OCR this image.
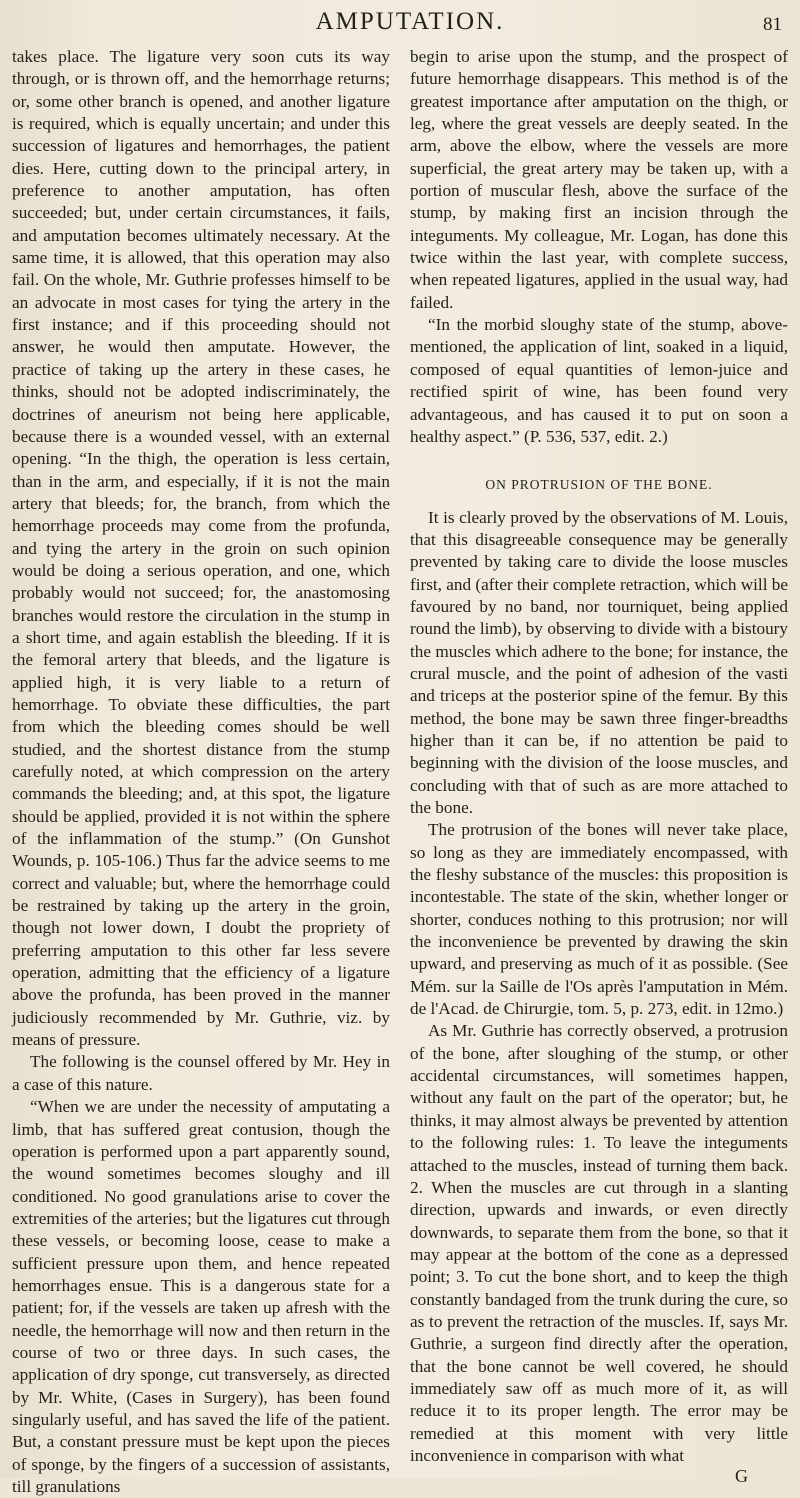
AMPUTATION.	81

takes place. The ligature very soon cuts its way through, or is thrown off, and the hemorrhage returns; or, some other branch is opened, and another ligature is required, which is equally uncertain; and under this succession of ligatures and hemorrhages, the patient dies. Here, cutting down to the principal artery, in preference to another amputation, has often succeeded; but, under certain circumstances, it fails, and amputation becomes ultimately necessary. At the same time, it is allowed, that this operation may also fail. On the whole, Mr. Guthrie professes himself to be an advocate in most cases for tying the artery in the first instance; and if this proceeding should not answer, he would then amputate. However, the practice of taking up the artery in these cases, he thinks, should not be adopted indiscriminately, the doctrines of aneurism not being here applicable, because there is a wounded vessel, with an external opening. “In the thigh, the operation is less certain, than in the arm, and especially, if it is not the main artery that bleeds; for, the branch, from which the hemorrhage proceeds may come from the profunda, and tying the artery in the groin on such opinion would be doing a serious operation, and one, which probably would not succeed; for, the anastomosing branches would restore the circulation in the stump in a short time, and again establish the bleeding. If it is the femoral artery that bleeds, and the ligature is applied high, it is very liable to a return of hemorrhage. To obviate these difficulties, the part from which the bleeding comes should be well studied, and the shortest distance from the stump carefully noted, at which compression on the artery commands the bleeding; and, at this spot, the ligature should be applied, provided it is not within the sphere of the inflammation of the stump.” (On Gunshot Wounds, p. 105-106.) Thus far the advice seems to me correct and valuable; but, where the hemorrhage could be restrained by taking up the artery in the groin, though not lower down, I doubt the propriety of preferring amputation to this other far less severe operation, admitting that the efficiency of a ligature above the profunda, has been proved in the manner judiciously recommended by Mr. Guthrie, viz. by means of pressure.

The following is the counsel offered by Mr. Hey in a case of this nature.

“When we are under the necessity of amputating a limb, that has suffered great contusion, though the operation is performed upon a part apparently sound, the wound sometimes becomes sloughy and ill conditioned. No good granulations arise to cover the extremities of the arteries; but the ligatures cut through these vessels, or becoming loose, cease to make a sufficient pressure upon them, and hence repeated hemorrhages ensue. This is a dangerous state for a patient; for, if the vessels are taken up afresh with the needle, the hemorrhage will now and then return in the course of two or three days. In such cases, the application of dry sponge, cut transversely, as directed by Mr. White, (Cases in Surgery), has been found singularly useful, and has saved the life of the patient. But, a constant pressure must be kept upon the pieces of sponge, by the fingers of a succession of assistants, till granulations

begin to arise upon the stump, and the prospect of future hemorrhage disappears. This method is of the greatest importance after amputation on the thigh, or leg, where the great vessels are deeply seated. In the arm, above the elbow, where the vessels are more superficial, the great artery may be taken up, with a portion of muscular flesh, above the surface of the stump, by making first an incision through the integuments. My colleague, Mr. Logan, has done this twice within the last year, with complete success, when repeated ligatures, applied in the usual way, had failed.

“In the morbid sloughy state of the stump, above-mentioned, the application of lint, soaked in a liquid, composed of equal quantities of lemon-juice and rectified spirit of wine, has been found very advantageous, and has caused it to put on soon a healthy aspect.” (P. 536, 537, edit. 2.)

ON PROTRUSION OF THE BONE.

It is clearly proved by the observations of M. Louis, that this disagreeable consequence may be generally prevented by taking care to divide the loose muscles first, and (after their complete retraction, which will be favoured by no band, nor tourniquet, being applied round the limb), by observing to divide with a bistoury the muscles which adhere to the bone; for instance, the crural muscle, and the point of adhesion of the vasti and triceps at the posterior spine of the femur. By this method, the bone may be sawn three finger-breadths higher than it can be, if no attention be paid to beginning with the division of the loose muscles, and concluding with that of such as are more attached to the bone.

The protrusion of the bones will never take place, so long as they are immediately encompassed, with the fleshy substance of the muscles: this proposition is incontestable. The state of the skin, whether longer or shorter, conduces nothing to this protrusion; nor will the inconvenience be prevented by drawing the skin upward, and preserving as much of it as possible. (See Mém. sur la Saille de l'Os après l'amputation in Mém. de l'Acad. de Chirurgie, tom. 5, p. 273, edit. in 12mo.)

As Mr. Guthrie has correctly observed, a protrusion of the bone, after sloughing of the stump, or other accidental circumstances, will sometimes happen, without any fault on the part of the operator; but, he thinks, it may almost always be prevented by attention to the following rules: 1. To leave the integuments attached to the muscles, instead of turning them back. 2. When the muscles are cut through in a slanting direction, upwards and inwards, or even directly downwards, to separate them from the bone, so that it may appear at the bottom of the cone as a depressed point; 3. To cut the bone short, and to keep the thigh constantly bandaged from the trunk during the cure, so as to prevent the retraction of the muscles. If, says Mr. Guthrie, a surgeon find directly after the operation, that the bone cannot be well covered, he should immediately saw off as much more of it, as will reduce it to its proper length. The error may be remedied at this moment with very little inconvenience in comparison with what

G
